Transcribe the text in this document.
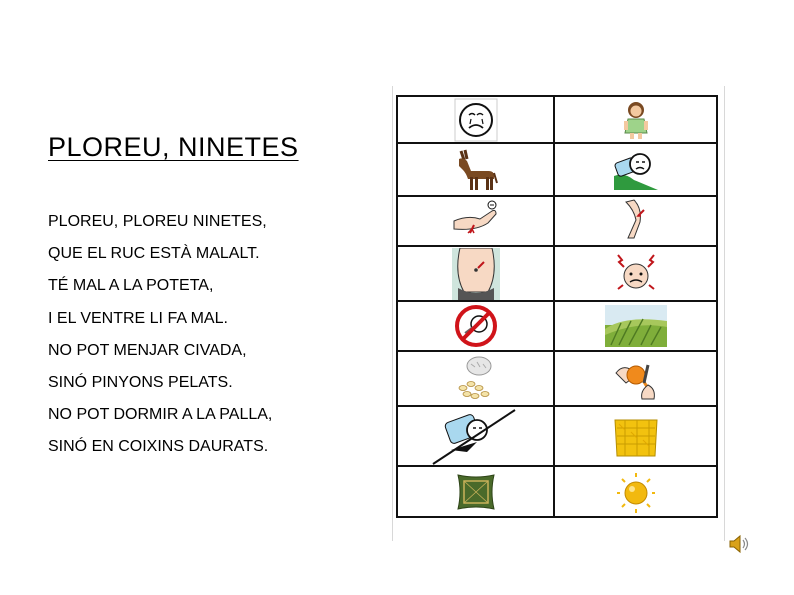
PLOREU, NINETES
PLOREU, PLOREU NINETES,
QUE EL RUC ESTÀ MALALT.
TÉ MAL A LA POTETA,
I EL VENTRE LI FA MAL.
NO POT MENJAR CIVADA,
SINÓ PINYONS PELATS.
NO POT DORMIR A LA PALLA,
SINÓ EN COIXINS DAURATS.
